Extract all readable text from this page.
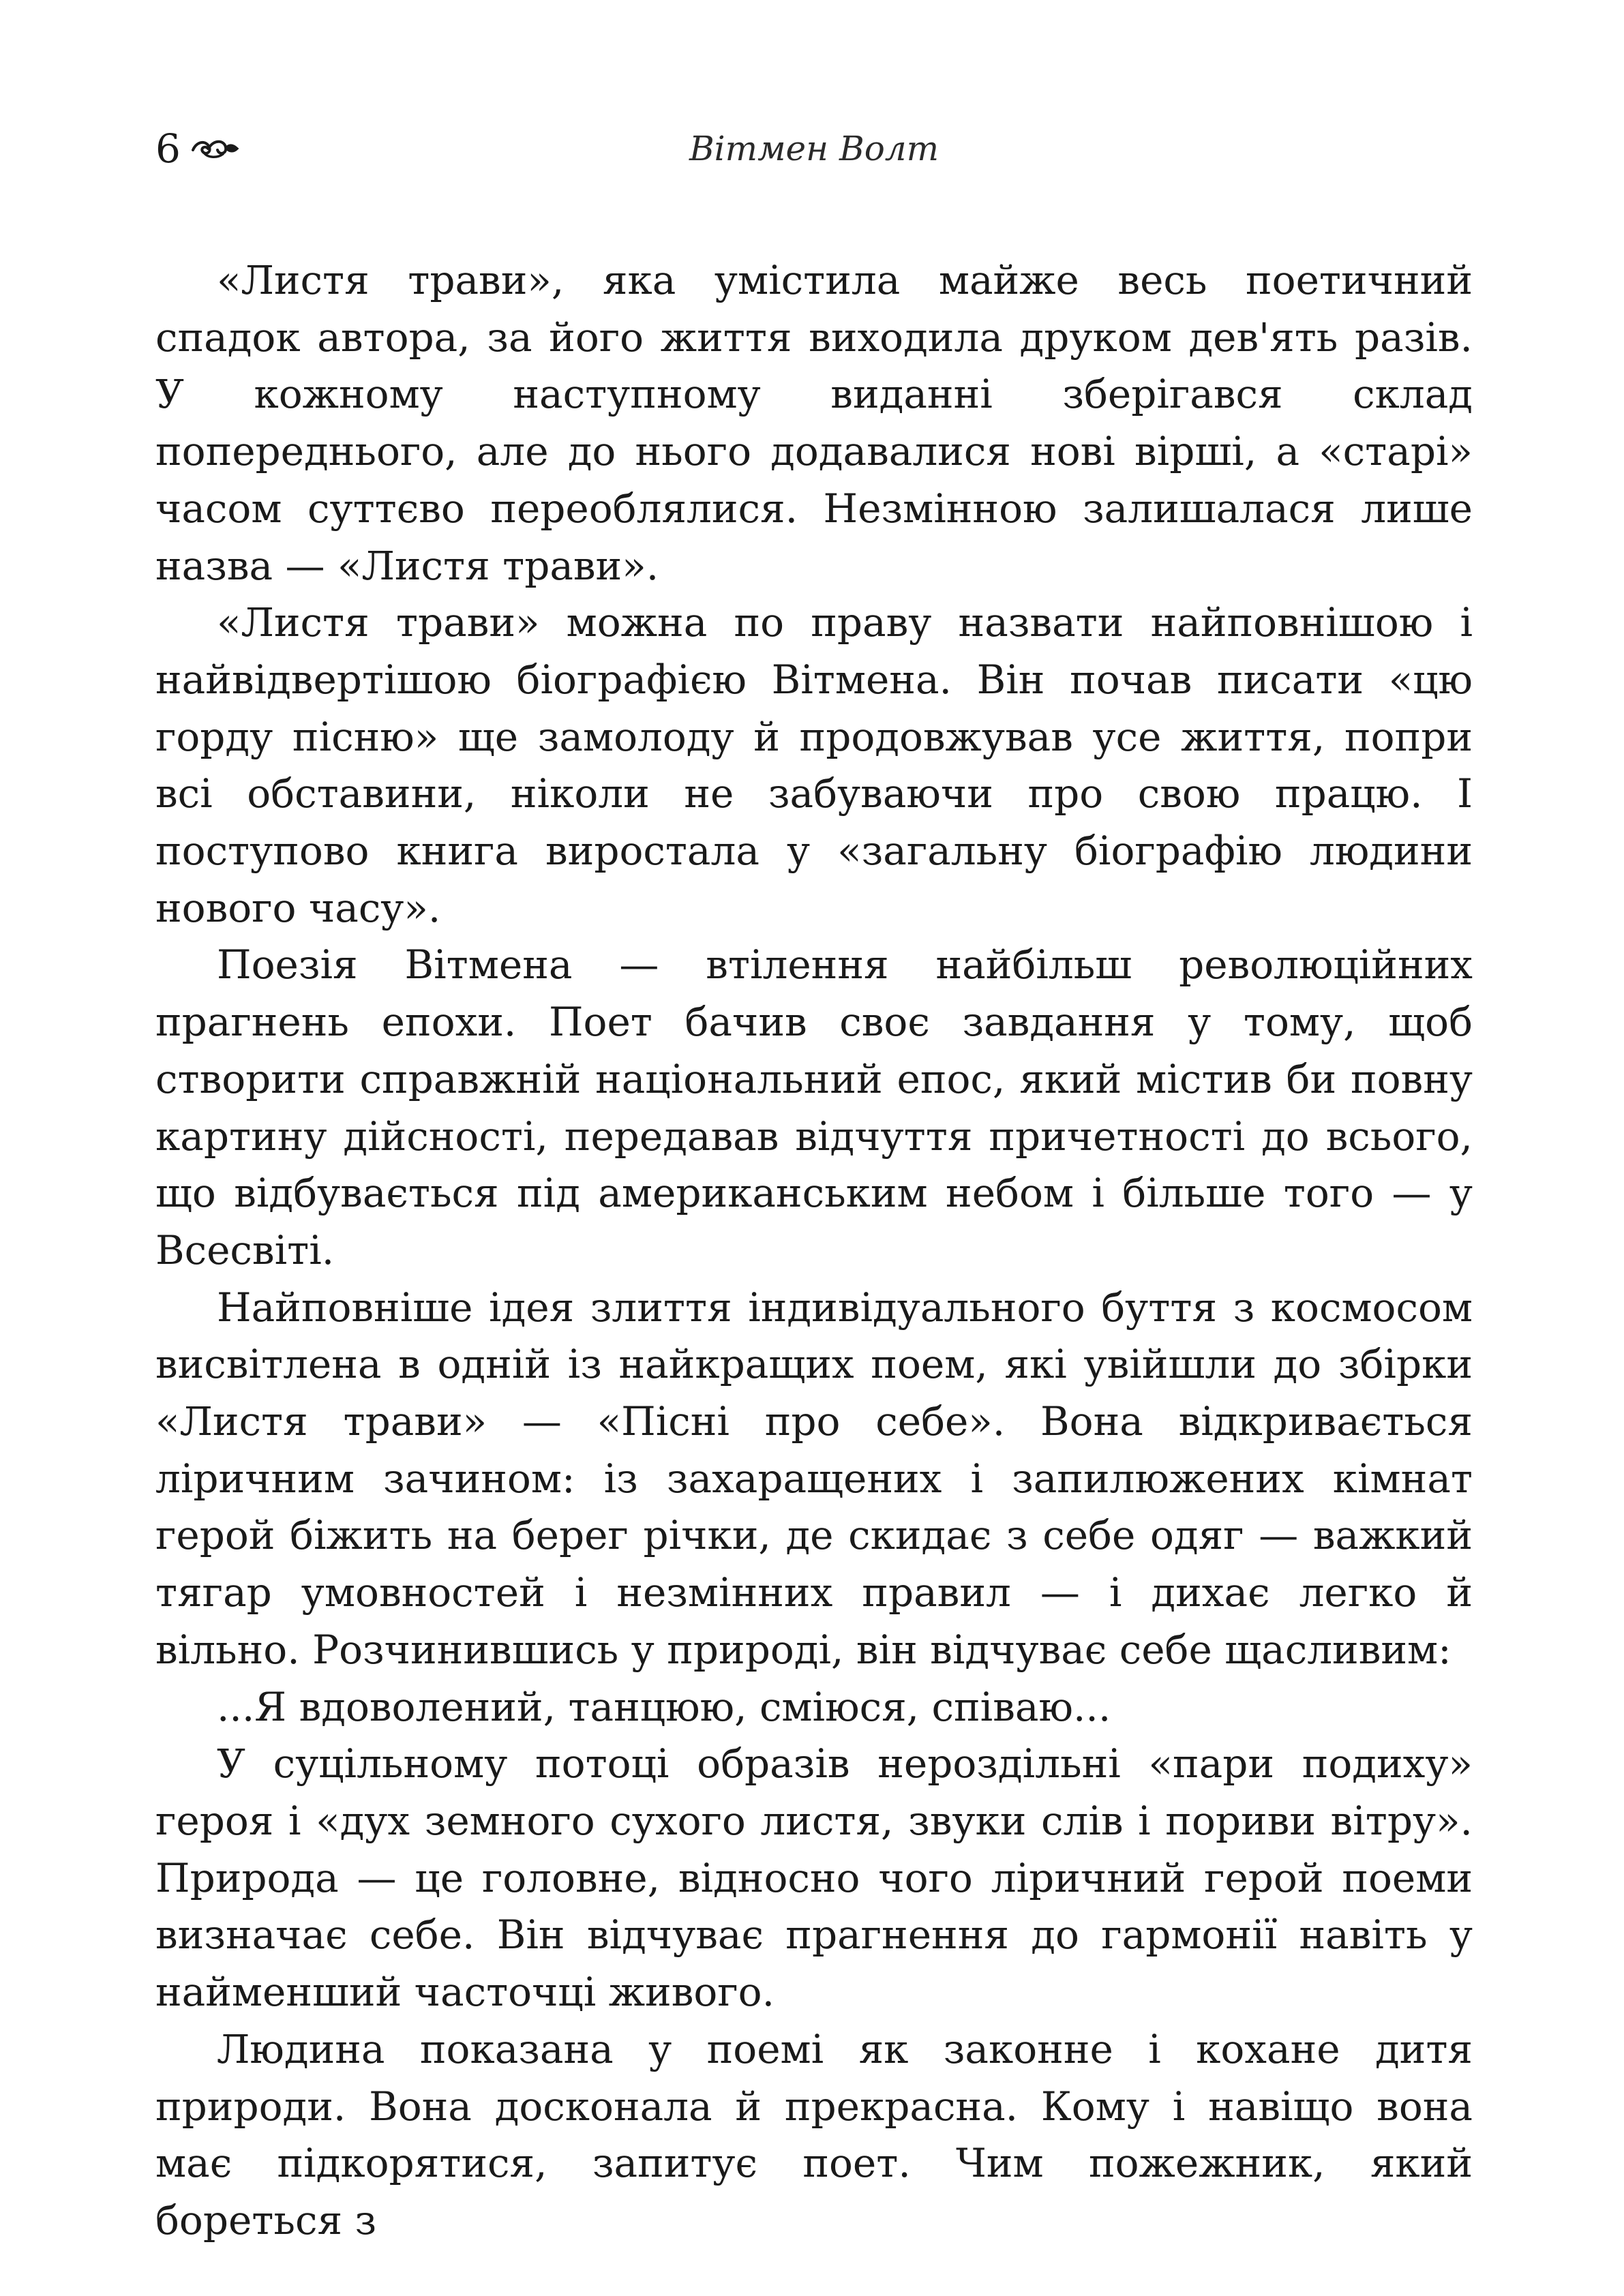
6	Вітмен Волт

«Листя трави», яка умістила майже весь поетичний спадок автора, за його життя виходила друком дев'ять разів. У кожному наступному виданні зберігався склад попереднього, але до нього додавалися нові вірші, а «старі» часом суттєво переоблялися. Незмінною залишалася лише назва — «Листя трави».

«Листя трави» можна по праву назвати найповнішою і найвідвертішою біографією Вітмена. Він почав писати «цю горду пісню» ще замолоду й продовжував усе життя, попри всі обставини, ніколи не забуваючи про свою працю. І поступово книга виростала у «загальну біографію людини нового часу».

Поезія Вітмена — втілення найбільш революційних прагнень епохи. Поет бачив своє завдання у тому, щоб створити справжній національний епос, який містив би повну картину дійсності, передавав відчуття причетності до всього, що відбувається під американським небом і більше того — у Всесвіті.

Найповніше ідея злиття індивідуального буття з космосом висвітлена в одній із найкращих поем, які увійшли до збірки «Листя трави» — «Пісні про себе». Вона відкривається ліричним зачином: із захаращених і запилюжених кімнат герой біжить на берег річки, де скидає з себе одяг — важкий тягар умовностей і незмінних правил — і дихає легко й вільно. Розчинившись у природі, він відчуває себе щасливим:

...Я вдоволений, танцюю, сміюся, співаю...

У суцільному потоці образів нероздільні «пари подиху» героя і «дух земного сухого листя, звуки слів і пориви вітру». Природа — це головне, відносно чого ліричний герой поеми визначає себе. Він відчуває прагнення до гармонії навіть у найменший часточці живого.

Людина показана у поемі як законне і кохане дитя природи. Вона досконала й прекрасна. Кому і навіщо вона має підкорятися, запитує поет. Чим пожежник, який бореться з
